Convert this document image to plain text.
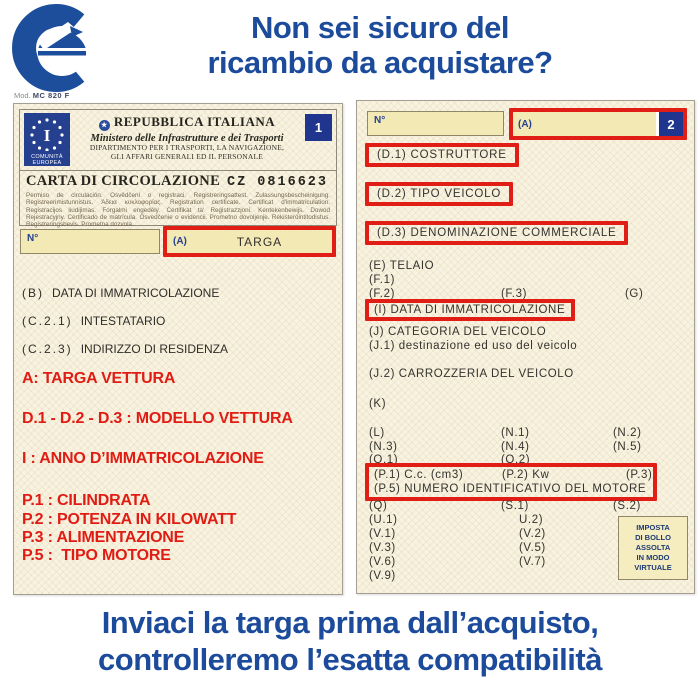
Non sei sicuro del
ricambio da acquistare?
Mod. MC 820 F
I
COMUNITÀ
EUROPEA
★ REPUBBLICA ITALIANA
Ministero delle Infrastrutture e dei Trasporti
DIPARTIMENTO PER I TRASPORTI, LA NAVIGAZIONE,
GLI AFFARI GENERALI ED IL PERSONALE
1
CARTA DI CIRCOLAZIONE CZ 0816623
Permiso de circulación. Osvědčení o registraci. Registreringsattest. Zulassungsbescheinigung. Registreerimistunnistus. Άδεια κυκλοφορίας. Registration certificate. Certificat d'immatriculation. Registracijos liudijimas. Forgalmi engedély. Ċertifikat ta' Reġistrazzjoni. Kentekenbewijs. Dowód Rejestracyjny. Certificado de matrícula. Osvedčenie o evidencii. Prometno dovoljenje. Rekisteröintitodistus. Registreringsbevis. Prometna dozvola.
N°	(A)	TARGA
(B) DATA DI IMMATRICOLAZIONE
(C.2.1) INTESTATARIO
(C.2.3) INDIRIZZO DI RESIDENZA
A: TARGA VETTURA
D.1 - D.2 - D.3 : MODELLO VETTURA
I : ANNO D’IMMATRICOLAZIONE
P.1 : CILINDRATA
P.2 : POTENZA IN KILOWATT
P.3 : ALIMENTAZIONE
P.5 :  TIPO MOTORE
N°	(A)	2
(D.1) COSTRUTTORE
(D.2) TIPO VEICOLO
(D.3) DENOMINAZIONE COMMERCIALE
(E) TELAIO
(F.1)
(F.2)	(F.3)	(G)
(I) DATA DI IMMATRICOLAZIONE
(J) CATEGORIA DEL VEICOLO
(J.1) destinazione ed uso del veicolo
(J.2) CARROZZERIA DEL VEICOLO
(K)
(L)	(N.1)	(N.2)
(N.3)	(N.4)	(N.5)
(O.1)	(O.2)
(P.1) C.c. (cm3)	(P.2) Kw	(P.3)
(P.5) NUMERO IDENTIFICATIVO DEL MOTORE
(Q)	(S.1)	(S.2)
(U.1)	U.2)
(V.1)	(V.2)
(V.3)	(V.5)
(V.6)	(V.7)
(V.9)
IMPOSTA
DI BOLLO
ASSOLTA
IN MODO
VIRTUALE
Inviaci la targa prima dall’acquisto,
controlleremo l’esatta compatibilità
